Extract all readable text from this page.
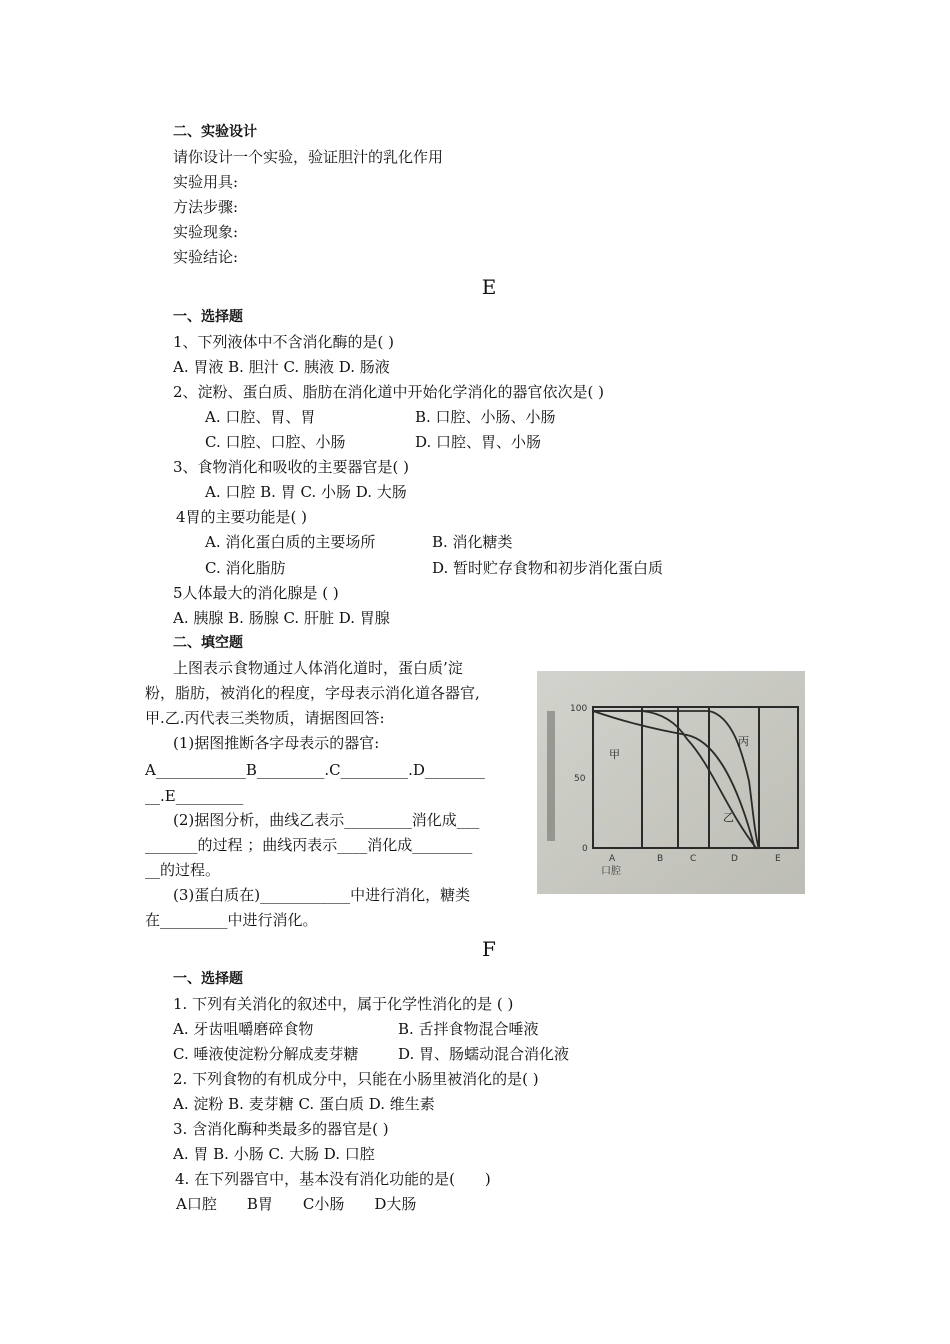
二、实验设计
请你设计一个实验，验证胆汁的乳化作用
实验用具:
方法步骤:
实验现象:
实验结论:
E
一、选择题
1、下列液体中不含消化酶的是( )
A. 胃液 B. 胆汁 C. 胰液 D. 肠液
2、淀粉、蛋白质、脂肪在消化道中开始化学消化的器官依次是( )
A. 口腔、胃、胃	B. 口腔、小肠、小肠
C. 口腔、口腔、小肠	D. 口腔、胃、小肠
3、食物消化和吸收的主要器官是( )
A. 口腔 B. 胃 C. 小肠 D. 大肠
4胃的主要功能是( )
A. 消化蛋白质的主要场所	B. 消化糖类
C. 消化脂肪	D. 暂时贮存食物和初步消化蛋白质
5人体最大的消化腺是 ( )
A. 胰腺 B. 肠腺 C. 肝脏 D. 胃腺
二、填空题
上图表示食物通过人体消化道时，蛋白质’淀
粉，脂肪，被消化的程度，字母表示消化道各器官,
甲.乙.丙代表三类物质，请据图回答:
(1)据图推断各字母表示的器官:
A____________B_________.C_________.D________
__.E_________
(2)据图分析，曲线乙表示_________消化成___
_______的过程 ；曲线丙表示____消化成________
__的过程。
(3)蛋白质在)____________中进行消化，糖类
在_________中进行消化。
100
50
0
甲
乙
丙
A	B	C	D	E
口腔
F
一、选择题
1. 下列有关消化的叙述中，属于化学性消化的是 ( )
A. 牙齿咀嚼磨碎食物	B. 舌拌食物混合唾液
C. 唾液使淀粉分解成麦芽糖	D. 胃、肠蠕动混合消化液
2. 下列食物的有机成分中，只能在小肠里被消化的是( )
A. 淀粉 B. 麦芽糖 C. 蛋白质 D. 维生素
3. 含消化酶种类最多的器官是( )
A. 胃 B. 小肠 C. 大肠 D. 口腔
4. 在下列器官中，基本没有消化功能的是(　　)
A口腔　　B胃　　C小肠　　D大肠
